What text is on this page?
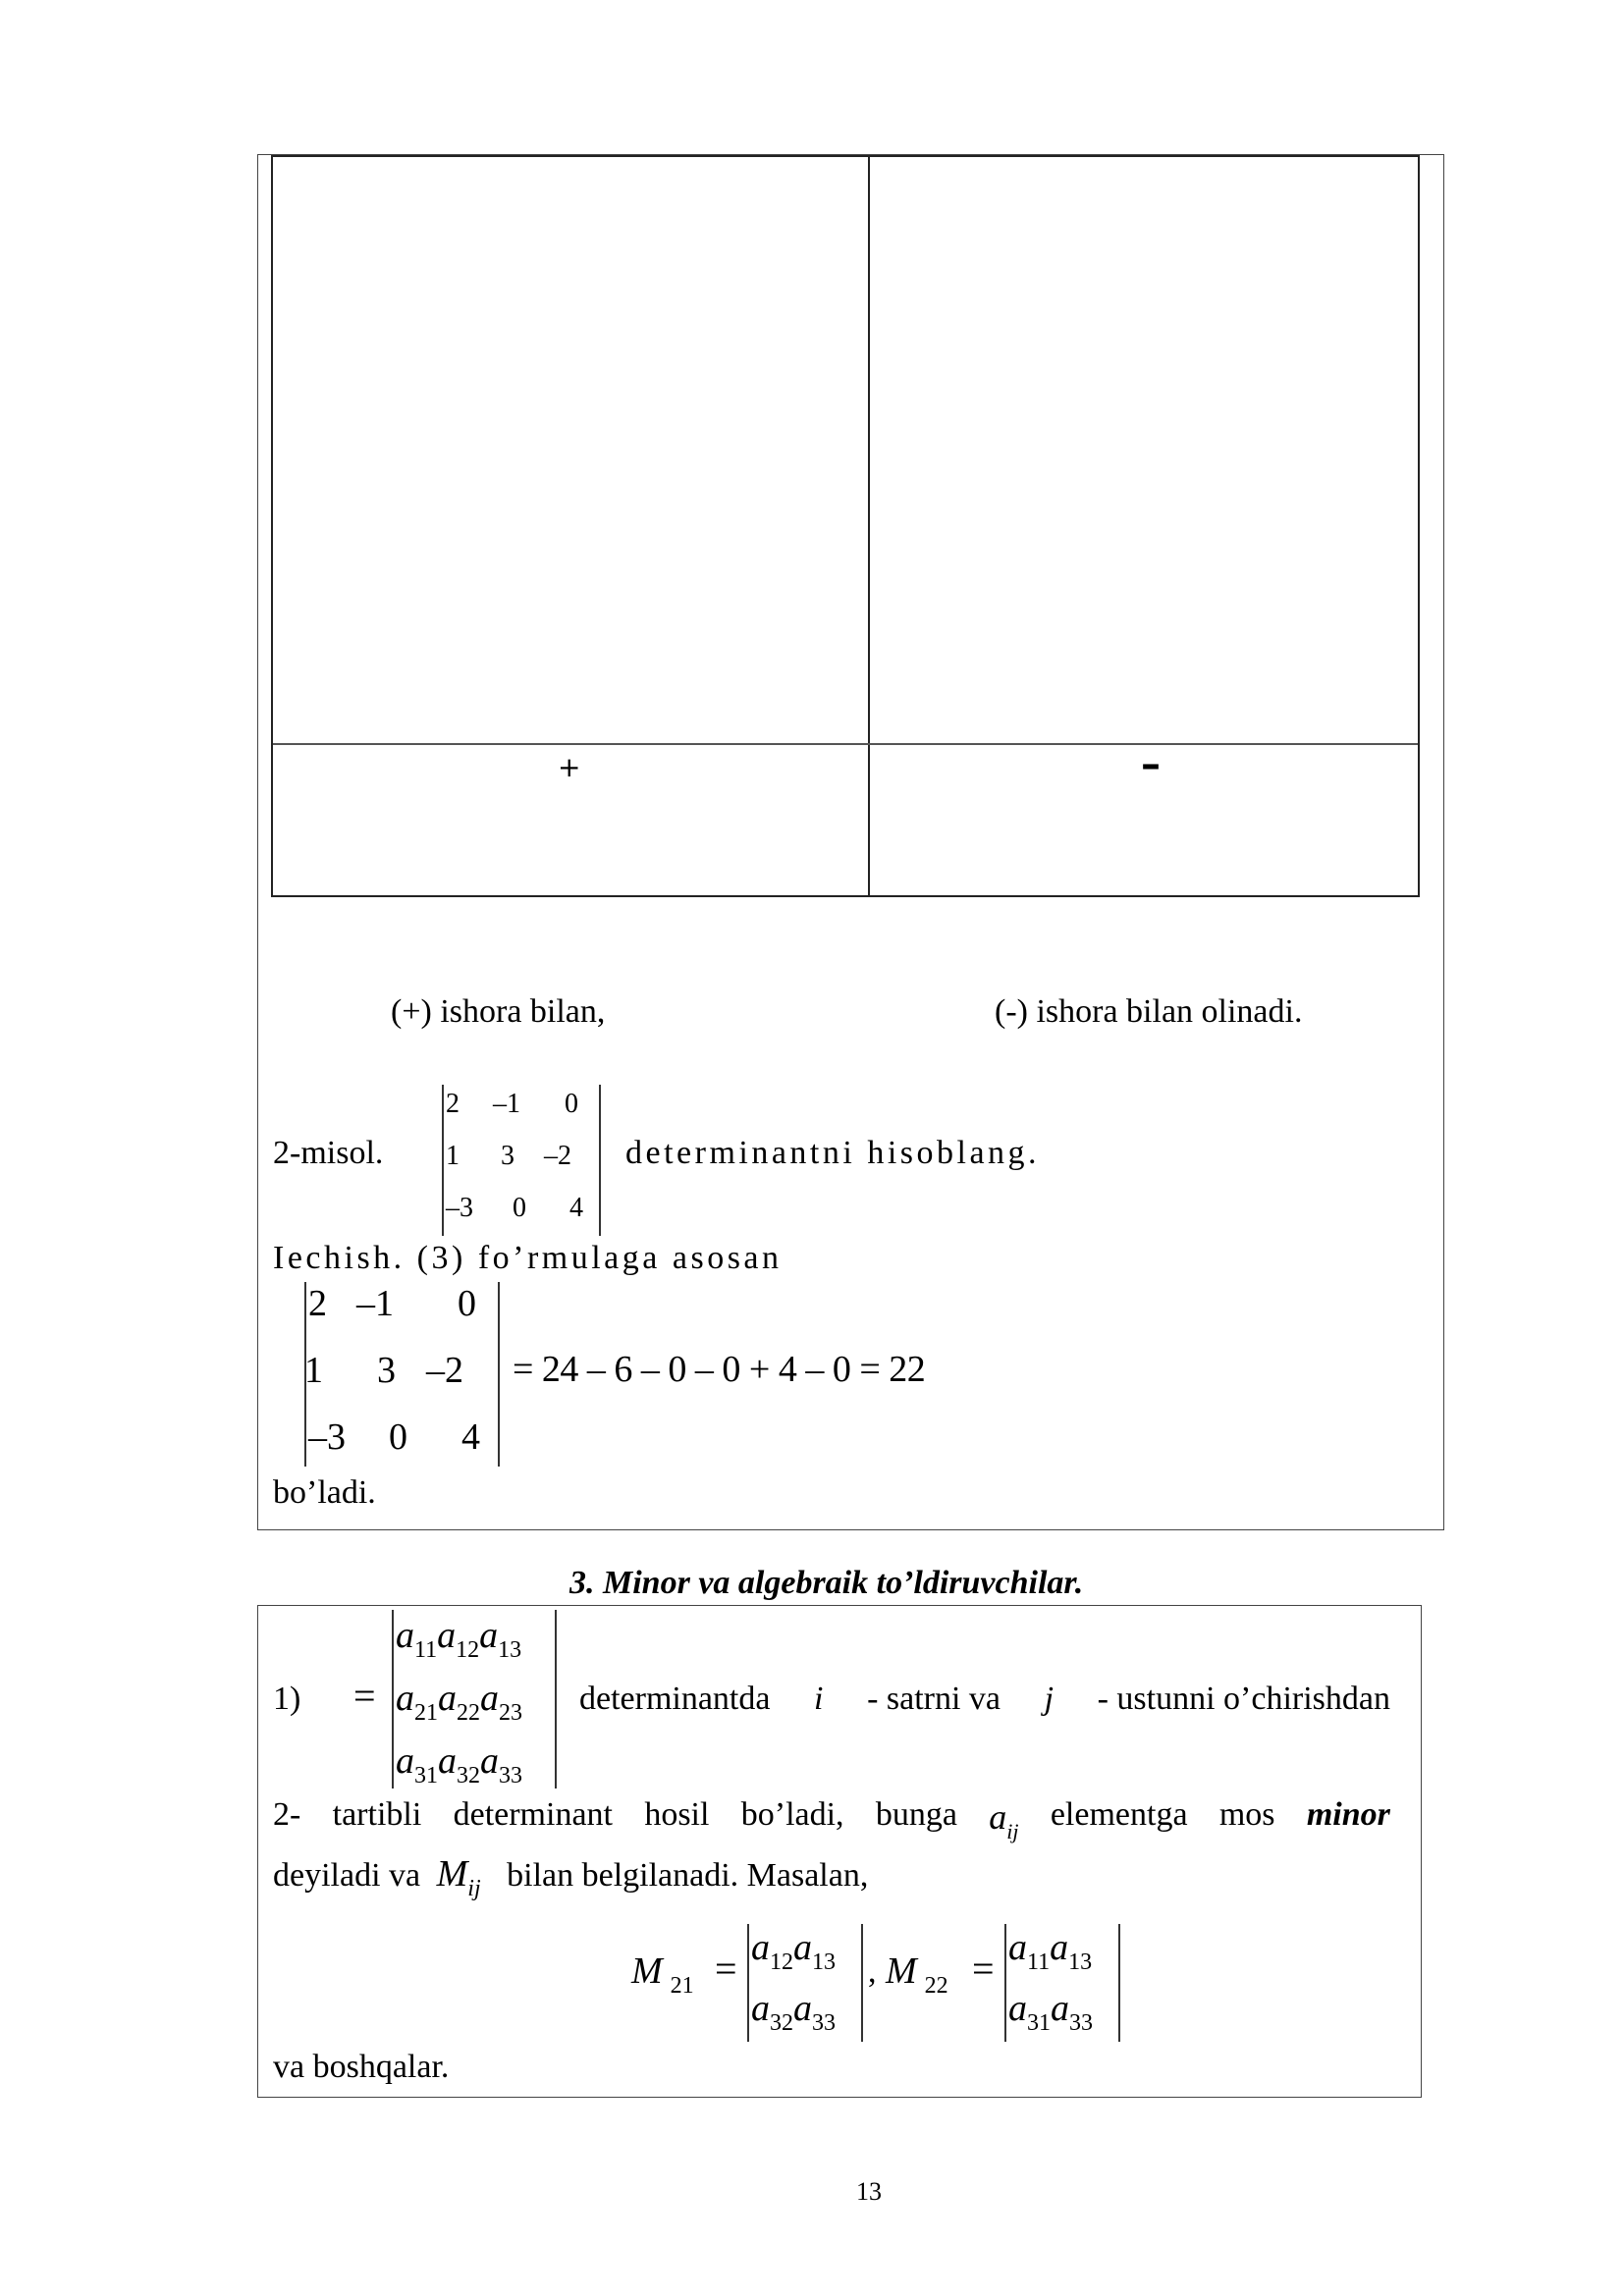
+	–
(+) ishora bilan,	(-) ishora bilan olinadi.
2-misol.
2 –1 0
1 3 –2
–3 0 4
determinantni hisoblang.
Iechish. (3) fo’rmulaga asosan
2 –1 0
1 3 –2
–3 0 4
= 24 – 6 – 0 – 0 + 4 – 0 = 22
bo’ladi.
3. Minor va algebraik to’ldiruvchilar.
1) =
$a_{11}a_{12}a_{13}$
$a_{21}a_{22}a_{23}$
$a_{31}a_{32}a_{33}$
determinantda i - satrni va j - ustunni o’chirishdan
2- tartibli determinant hosil bo’ladi, bunga $a_{ij}$ elementga mos minor
deyiladi va $M_{ij}$ bilan belgilanadi. Masalan,
M $_{21} = a_{12}a_{13}$
$a_{32}a_{33}$
, M $_{22} = a_{11}a_{13}$
$a_{31}a_{33}$
va boshqalar.
13
